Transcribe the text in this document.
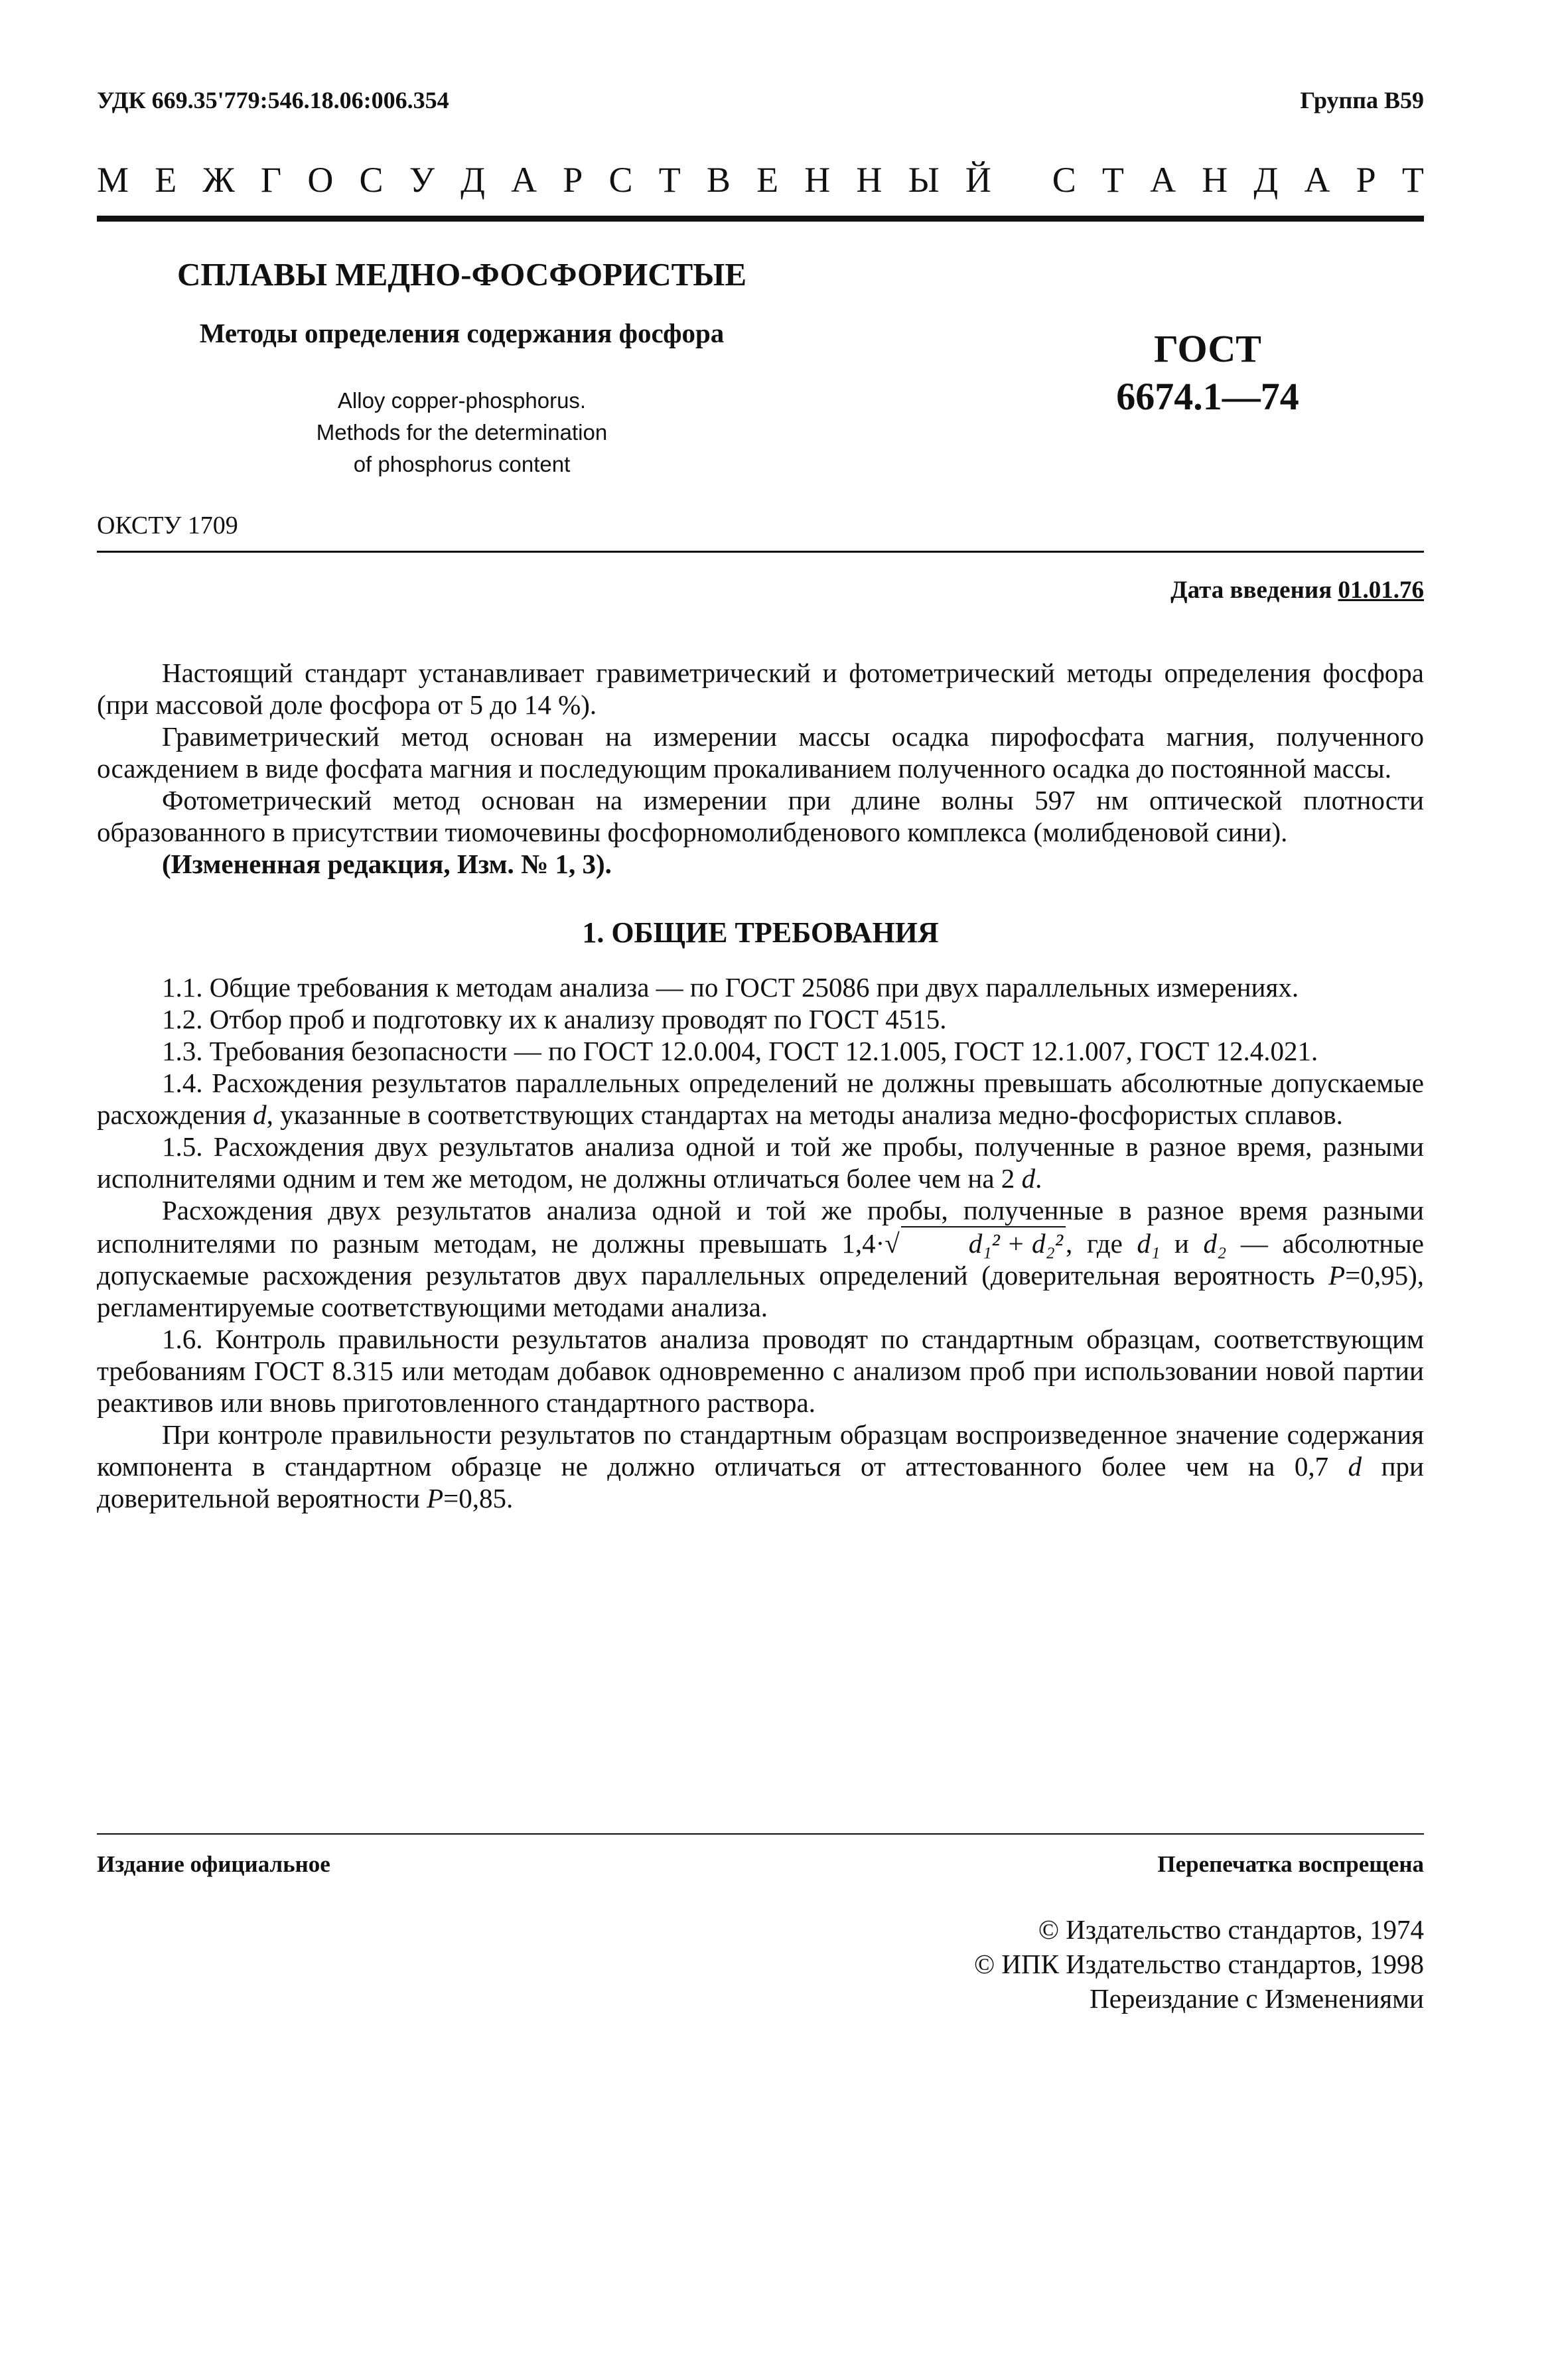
УДК 669.35'779:546.18.06:006.354	Группа В59
М Е Ж Г О С У Д А Р С Т В Е Н Н Ы Й
С Т А Н Д А Р Т
СПЛАВЫ МЕДНО-ФОСФОРИСТЫЕ
Методы определения содержания фосфора
Alloy copper-phosphorus.
Methods for the determination
of phosphorus content
ГОСТ
6674.1—74
ОКСТУ 1709
Дата введения 01.01.76

Настоящий стандарт устанавливает гравиметрический и фотометрический методы определения фосфора (при массовой доле фосфора от 5 до 14 %).

Гравиметрический метод основан на измерении массы осадка пирофосфата магния, полученного осаждением в виде фосфата магния и последующим прокаливанием полученного осадка до постоянной массы.

Фотометрический метод основан на измерении при длине волны 597 нм оптической плотности образованного в присутствии тиомочевины фосфорномолибденового комплекса (молибденовой сини).

(Измененная редакция, Изм. № 1, 3).

1. ОБЩИЕ ТРЕБОВАНИЯ

1.1. Общие требования к методам анализа — по ГОСТ 25086 при двух параллельных измерениях.

1.2. Отбор проб и подготовку их к анализу проводят по ГОСТ 4515.

1.3. Требования безопасности — по ГОСТ 12.0.004, ГОСТ 12.1.005, ГОСТ 12.1.007, ГОСТ 12.4.021.

1.4. Расхождения результатов параллельных определений не должны превышать абсолютные допускаемые расхождения d, указанные в соответствующих стандартах на методы анализа медно-фосфористых сплавов.

1.5. Расхождения двух результатов анализа одной и той же пробы, полученные в разное время, разными исполнителями одним и тем же методом, не должны отличаться более чем на 2 d.

Расхождения двух результатов анализа одной и той же пробы, полученные в разное время разными исполнителями по разным методам, не должны превышать 1,4·√	d₁² + d₂², где d₁ и d₂ — абсолютные допускаемые расхождения результатов двух параллельных определений (доверительная вероятность P=0,95), регламентируемые соответствующими методами анализа.

1.6. Контроль правильности результатов анализа проводят по стандартным образцам, соответствующим требованиям ГОСТ 8.315 или методам добавок одновременно с анализом проб при использовании новой партии реактивов или вновь приготовленного стандартного раствора.

При контроле правильности результатов по стандартным образцам воспроизведенное значение содержания компонента в стандартном образце не должно отличаться от аттестованного более чем на 0,7 d при доверительной вероятности P=0,85.

Издание официальное	Перепечатка воспрещена
© Издательство стандартов, 1974
© ИПК Издательство стандартов, 1998
Переиздание с Изменениями
